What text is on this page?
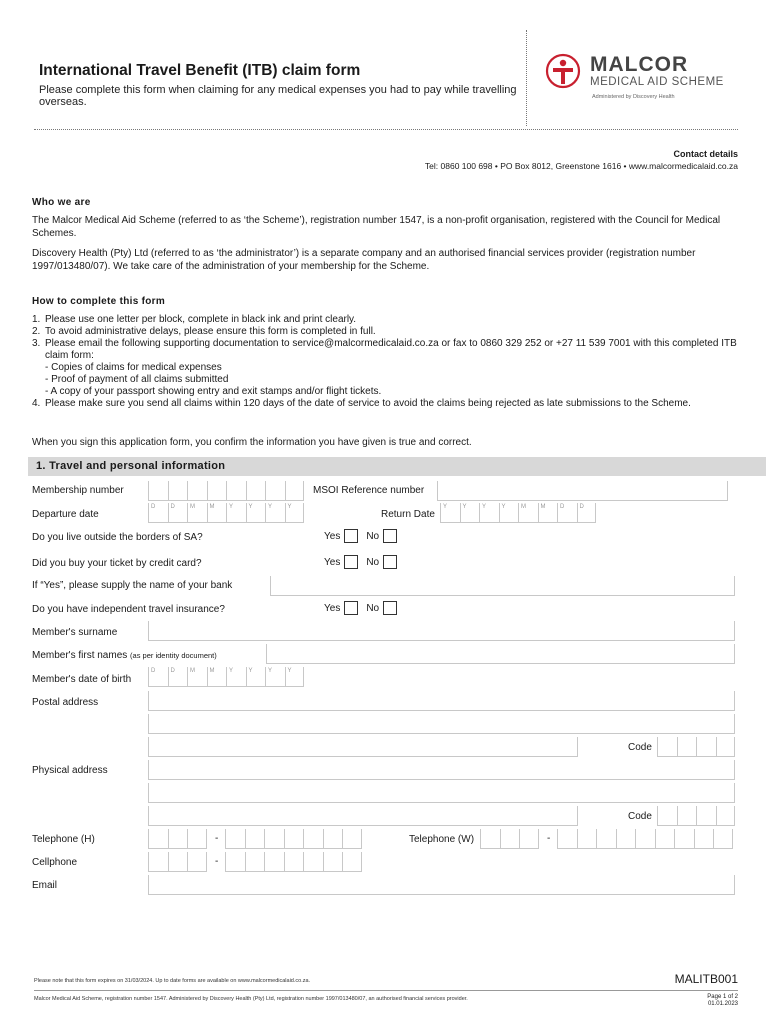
International Travel Benefit (ITB) claim form
Please complete this form when claiming for any medical expenses you had to pay while travelling overseas.
MALCOR
MEDICAL AID SCHEME
Administered by Discovery Health
Contact details
Tel: 0860 100 698 • PO Box 8012, Greenstone 1616 • www.malcormedicalaid.co.za
Who we are
The Malcor Medical Aid Scheme (referred to as ‘the Scheme’), registration number 1547, is a non-profit organisation, registered with the Council for Medical Schemes.
Discovery Health (Pty) Ltd (referred to as ‘the administrator’) is a separate company and an authorised financial services provider (registration number 1997/013480/07). We take care of the administration of your membership for the Scheme.
How to complete this form
1. Please use one letter per block, complete in black ink and print clearly.
2. To avoid administrative delays, please ensure this form is completed in full.
3. Please email the following supporting documentation to service@malcormedicalaid.co.za or fax to 0860 329 252 or +27 11 539 7001 with this completed ITB claim form:
- Copies of claims for medical expenses
- Proof of payment of all claims submitted
- A copy of your passport showing entry and exit stamps and/or flight tickets.
4. Please make sure you send all claims within 120 days of the date of service to avoid the claims being rejected as late submissions to the Scheme.
When you sign this application form, you confirm the information you have given is true and correct.
1. Travel and personal information
Membership number	MSOI Reference number
Departure date
D	D	M M Y	Y	Y	Y
Return Date
Y	Y	Y	Y	M M D	D
Do you live outside the borders of SA?	Yes	No
Did you buy your ticket by credit card?	Yes	No
If “Yes”, please supply the name of your bank
Do you have independent travel insurance?	Yes	No
Member's surname
Member's first names (as per identity document)
Member's date of birth
D	D	M M Y	Y	Y	Y
Postal address
Code
Physical address
Code
Telephone (H)	-	Telephone (W)	-
Cellphone	-
Email
Please note that this form expires on 31/03/2024. Up to date forms are available on www.malcormedicalaid.co.za.	MALITB001
Malcor Medical Aid Scheme, registration number 1547. Administered by Discovery Health (Pty) Ltd, registration number 1997/013480/07, an authorised financial services provider.	Page 1 of 2
01.01.2023
